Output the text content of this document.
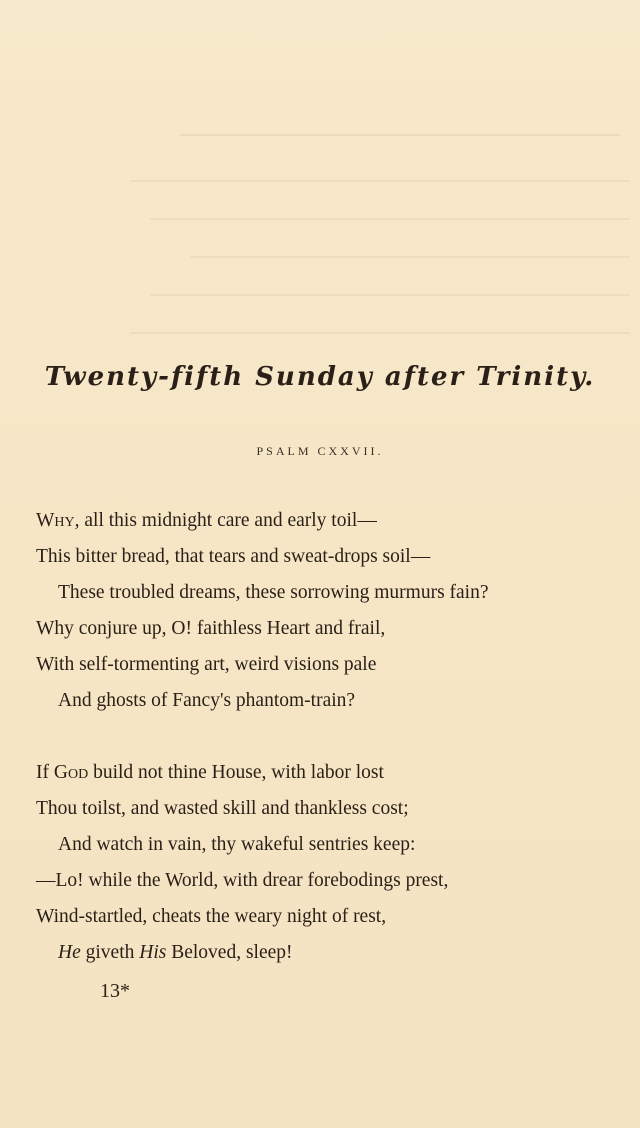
Twenty-fifth Sunday after Trinity.
PSALM CXXVII.
Why, all this midnight care and early toil—
This bitter bread, that tears and sweat-drops soil—
These troubled dreams, these sorrowing murmurs fain?
Why conjure up, O! faithless Heart and frail,
With self-tormenting art, weird visions pale
And ghosts of Fancy's phantom-train?
If God build not thine House, with labor lost
Thou toilst, and wasted skill and thankless cost;
And watch in vain, thy wakeful sentries keep:
—Lo! while the World, with drear forebodings prest,
Wind-startled, cheats the weary night of rest,
He giveth His Beloved, sleep!
13*
